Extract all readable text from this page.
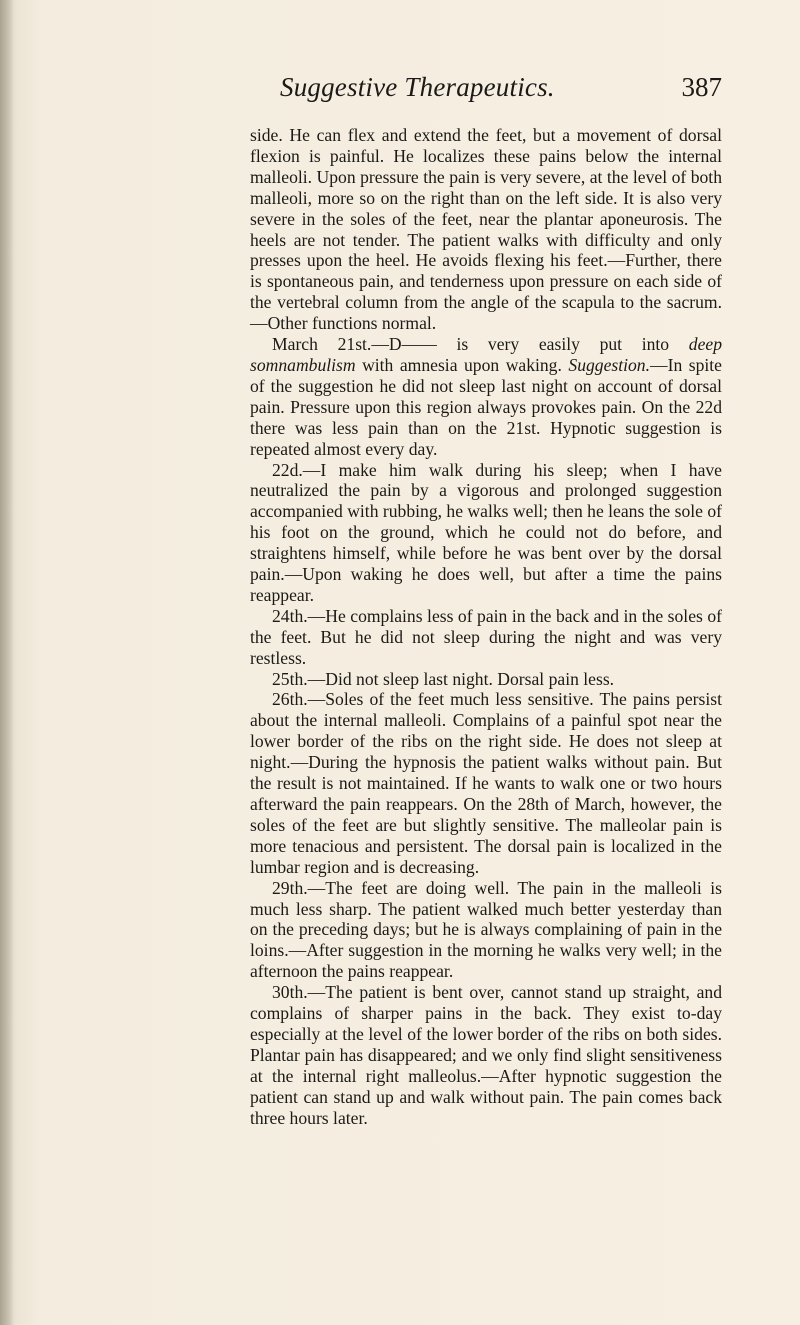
Suggestive Therapeutics.	387

side. He can flex and extend the feet, but a movement of dorsal flexion is painful. He localizes these pains below the internal malleoli. Upon pressure the pain is very severe, at the level of both malleoli, more so on the right than on the left side. It is also very severe in the soles of the feet, near the plantar aponeurosis. The heels are not tender. The patient walks with difficulty and only presses upon the heel. He avoids flexing his feet.—Further, there is spontaneous pain, and tenderness upon pressure on each side of the vertebral column from the angle of the scapula to the sacrum.—Other functions normal.

March 21st.—D—— is very easily put into deep somnambulism with amnesia upon waking. Suggestion.—In spite of the suggestion he did not sleep last night on account of dorsal pain. Pressure upon this region always provokes pain. On the 22d there was less pain than on the 21st. Hypnotic suggestion is repeated almost every day.

22d.—I make him walk during his sleep; when I have neutralized the pain by a vigorous and prolonged suggestion accompanied with rubbing, he walks well; then he leans the sole of his foot on the ground, which he could not do before, and straightens himself, while before he was bent over by the dorsal pain.—Upon waking he does well, but after a time the pains reappear.

24th.—He complains less of pain in the back and in the soles of the feet. But he did not sleep during the night and was very restless.

25th.—Did not sleep last night. Dorsal pain less.

26th.—Soles of the feet much less sensitive. The pains persist about the internal malleoli. Complains of a painful spot near the lower border of the ribs on the right side. He does not sleep at night.—During the hypnosis the patient walks without pain. But the result is not maintained. If he wants to walk one or two hours afterward the pain reappears. On the 28th of March, however, the soles of the feet are but slightly sensitive. The malleolar pain is more tenacious and persistent. The dorsal pain is localized in the lumbar region and is decreasing.

29th.—The feet are doing well. The pain in the malleoli is much less sharp. The patient walked much better yesterday than on the preceding days; but he is always complaining of pain in the loins.—After suggestion in the morning he walks very well; in the afternoon the pains reappear.

30th.—The patient is bent over, cannot stand up straight, and complains of sharper pains in the back. They exist to-day especially at the level of the lower border of the ribs on both sides. Plantar pain has disappeared; and we only find slight sensitiveness at the internal right malleolus.—After hypnotic suggestion the patient can stand up and walk without pain. The pain comes back three hours later.
